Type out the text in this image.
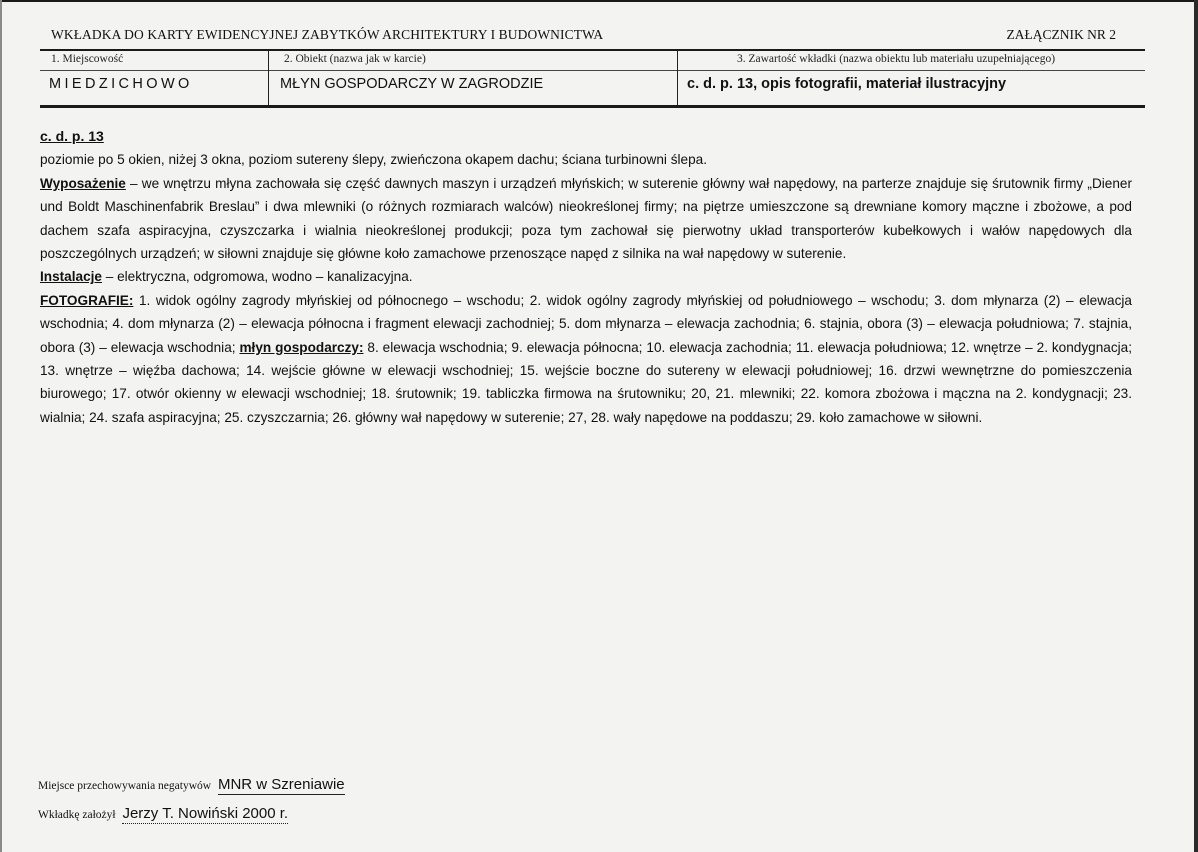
WKŁADKA DO KARTY EWIDENCYJNEJ ZABYTKÓW ARCHITEKTURY I BUDOWNICTWA	ZAŁĄCZNIK NR 2
1. Miejscowość	2. Obiekt (nazwa jak w karcie)	3. Zawartość wkładki (nazwa obiektu lub materiału uzupełniającego)
MIEDZICHOWO	MŁYN GOSPODARCZY W ZAGRODZIE	c. d. p. 13, opis fotografii, materiał ilustracyjny

c. d. p. 13

poziomie po 5 okien, niżej 3 okna, poziom sutereny ślepy, zwieńczona okapem dachu; ściana turbinowni ślepa.

Wyposażenie – we wnętrzu młyna zachowała się część dawnych maszyn i urządzeń młyńskich; w suterenie główny wał napędowy, na parterze znajduje się śrutownik firmy „Diener und Boldt Maschinenfabrik Breslau” i dwa mlewniki (o różnych rozmiarach walców) nieokreślonej firmy; na piętrze umieszczone są drewniane komory mączne i zbożowe, a pod dachem szafa aspiracyjna, czyszczarka i wialnia nieokreślonej produkcji; poza tym zachował się pierwotny układ transporterów kubełkowych i wałów napędowych dla poszczególnych urządzeń; w siłowni znajduje się główne koło zamachowe przenoszące napęd z silnika na wał napędowy w suterenie.

Instalacje – elektryczna, odgromowa, wodno – kanalizacyjna.

FOTOGRAFIE: 1. widok ogólny zagrody młyńskiej od północnego – wschodu; 2. widok ogólny zagrody młyńskiej od południowego – wschodu; 3. dom młynarza (2) – elewacja wschodnia; 4. dom młynarza (2) – elewacja północna i fragment elewacji zachodniej; 5. dom młynarza – elewacja zachodnia; 6. stajnia, obora (3) – elewacja południowa; 7. stajnia, obora (3) – elewacja wschodnia; młyn gospodarczy: 8. elewacja wschodnia; 9. elewacja północna; 10. elewacja zachodnia; 11. elewacja południowa; 12. wnętrze – 2. kondygnacja; 13. wnętrze – więźba dachowa; 14. wejście główne w elewacji wschodniej; 15. wejście boczne do sutereny w elewacji południowej; 16. drzwi wewnętrzne do pomieszczenia biurowego; 17. otwór okienny w elewacji wschodniej; 18. śrutownik; 19. tabliczka firmowa na śrutowniku; 20, 21. mlewniki; 22. komora zbożowa i mączna na 2. kondygnacji; 23. wialnia; 24. szafa aspiracyjna; 25. czyszczarnia; 26. główny wał napędowy w suterenie; 27, 28. wały napędowe na poddaszu; 29. koło zamachowe w siłowni.

Miejsce przechowywania negatywów MNR w Szreniawie
Wkładkę założył Jerzy T. Nowiński 2000 r.
